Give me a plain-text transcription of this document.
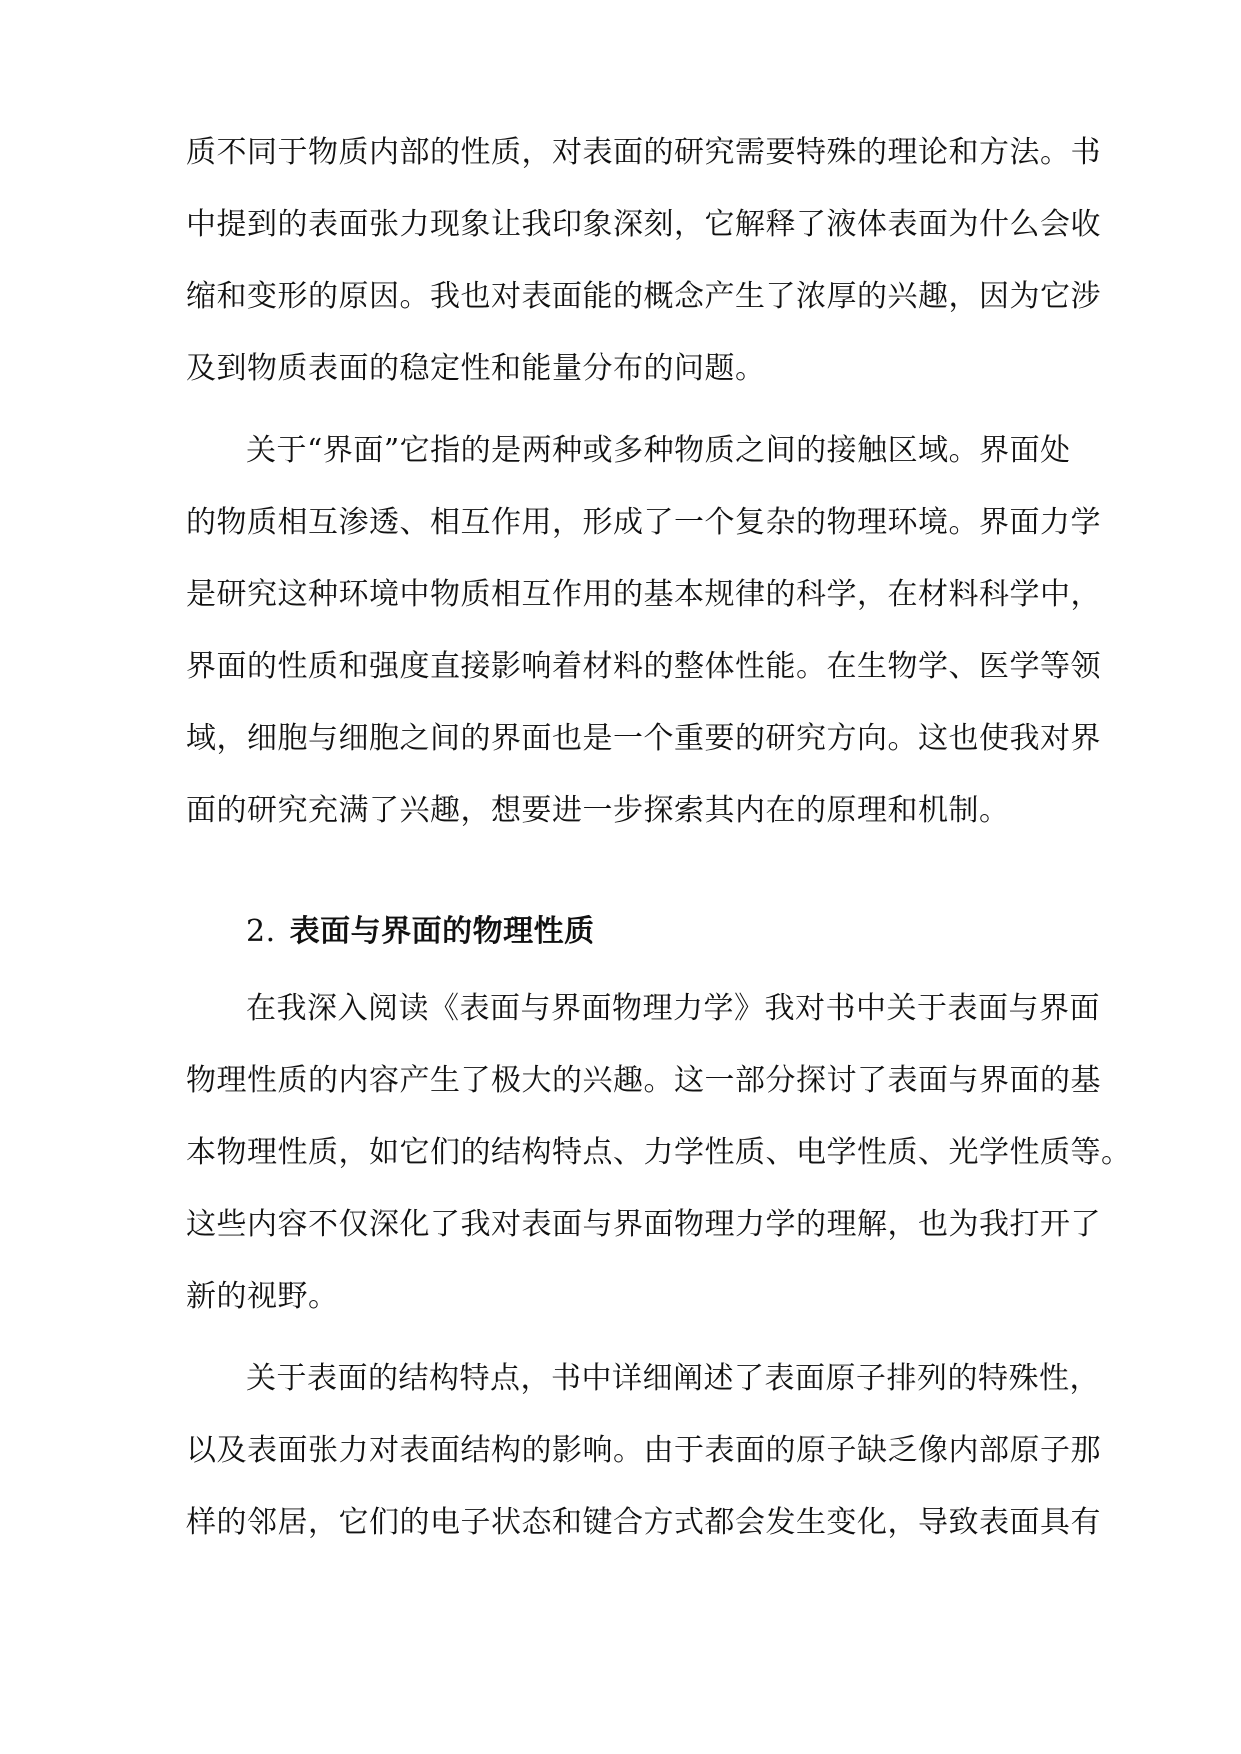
质不同于物质内部的性质，对表面的研究需要特殊的理论和方法。书
中提到的表面张力现象让我印象深刻，它解释了液体表面为什么会收
缩和变形的原因。我也对表面能的概念产生了浓厚的兴趣，因为它涉
及到物质表面的稳定性和能量分布的问题。
关于“界面”它指的是两种或多种物质之间的接触区域。界面处
的物质相互渗透、相互作用，形成了一个复杂的物理环境。界面力学
是研究这种环境中物质相互作用的基本规律的科学，在材料科学中，
界面的性质和强度直接影响着材料的整体性能。在生物学、医学等领
域，细胞与细胞之间的界面也是一个重要的研究方向。这也使我对界
面的研究充满了兴趣，想要进一步探索其内在的原理和机制。
2. 表面与界面的物理性质
在我深入阅读《表面与界面物理力学》我对书中关于表面与界面
物理性质的内容产生了极大的兴趣。这一部分探讨了表面与界面的基
本物理性质，如它们的结构特点、力学性质、电学性质、光学性质等。
这些内容不仅深化了我对表面与界面物理力学的理解，也为我打开了
新的视野。
关于表面的结构特点，书中详细阐述了表面原子排列的特殊性，
以及表面张力对表面结构的影响。由于表面的原子缺乏像内部原子那
样的邻居，它们的电子状态和键合方式都会发生变化，导致表面具有
